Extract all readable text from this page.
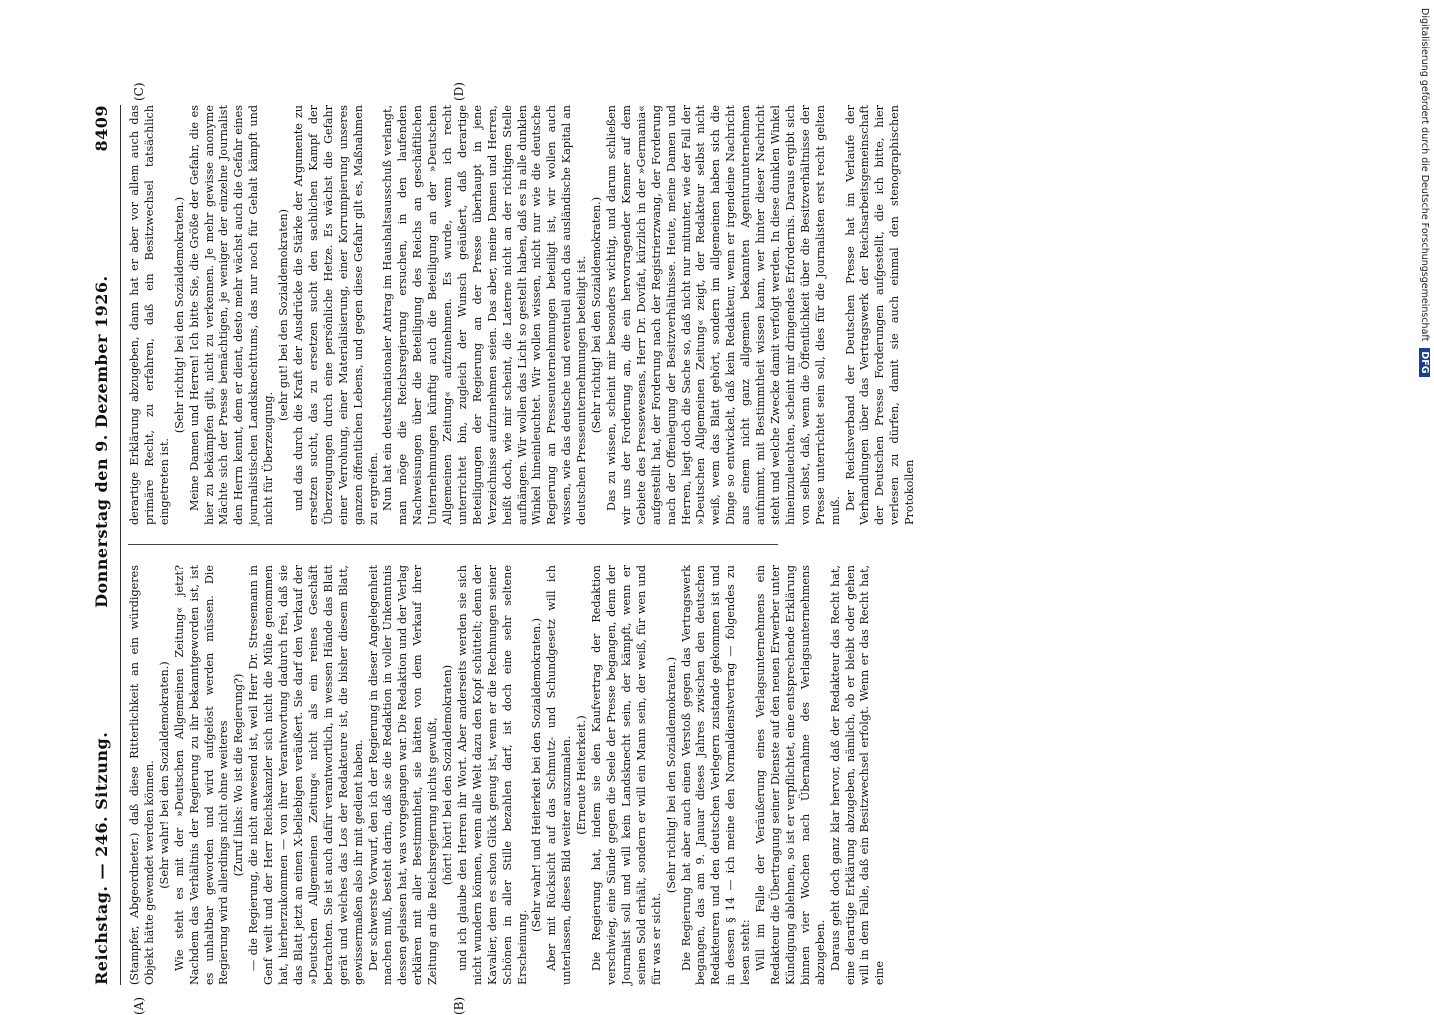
Reichstag. — 246. Sitzung.
Donnerstag den 9. Dezember 1926.
8409

(Stampfer, Abgeordneter.) daß diese Ritterlichkeit an ein würdigeres Objekt hätte gewendet werden können. (Sehr wahr! bei den Sozialdemokraten.) Wie steht es mit der »Deutschen Allgemeinen Zeitung« jetzt? Nachdem das Verhältnis der Regierung zu ihr bekanntgeworden ist, ist es unhaltbar geworden und wird aufgelöst werden müssen. Die Regierung wird allerdings nicht ohne weiteres (Zuruf links: Wo ist die Regierung?) — die Regierung, die nicht anwesend ist, weil Herr Dr. Stresemann in Genf weilt und der Herr Reichskanzler sich nicht die Mühe genommen hat, hierherzukommen — von ihrer Verantwortung dadurch frei, daß sie das Blatt jetzt an einen X-beliebigen veräußert. Sie darf den Verkauf der »Deutschen Allgemeinen Zeitung« nicht als ein reines Geschäft betrachten. Sie ist auch dafür verantwortlich, in wessen Hände das Blatt gerät und welches das Los der Redakteure ist, die bisher diesem Blatt, gewissermaßen also ihr mit gedient haben. Der schwerste Vorwurf, den ich der Regierung in dieser Angelegenheit machen muß, besteht darin, daß sie die Redaktion in voller Unkenntnis dessen gelassen hat, was vorgegangen war. Die Redaktion und der Verlag erklären mit aller Bestimmtheit, sie hätten von dem Verkauf ihrer Zeitung an die Reichsregierung nichts gewußt, (hört! hört! bei den Sozialdemokraten) und ich glaube den Herren ihr Wort. Aber anderseits werden sie sich nicht wundern können, wenn alle Welt dazu den Kopf schüttelt; denn der Kavalier, dem es schon Glück genug ist, wenn er die Rechnungen seiner Schönen in aller Stille bezahlen darf, ist doch eine sehr seltene Erscheinung.

(Sehr wahr! und Heiterkeit bei den Sozialdemokraten.) Aber mit Rücksicht auf das Schmutz- und Schundgesetz will ich unterlassen, dieses Bild weiter auszumalen. (Erneute Heiterkeit.) Die Regierung hat, indem sie den Kaufvertrag der Redaktion verschwieg, eine Sünde gegen die Seele der Presse begangen, denn der Journalist soll und will kein Landsknecht sein, der kämpft, wenn er seinen Sold erhält, sondern er will ein Mann sein, der weiß, für wen und für was er sicht.

(Sehr richtig! bei den Sozialdemokraten.) Die Regierung hat aber auch einen Verstoß gegen das Vertragswerk begangen, das am 9. Januar dieses Jahres zwischen den deutschen Redakteuren und den deutschen Verlegern zustande gekommen ist und in dessen § 14 — ich meine den Normaldienstvertrag — folgendes zu lesen steht: Will im Falle der Veräußerung eines Verlagsunternehmens ein Redakteur die Übertragung seiner Dienste auf den neuen Erwerber unter Kündigung ablehnen, so ist er verpflichtet, eine entsprechende Erklärung binnen vier Wochen nach Übernahme des Verlagsunternehmens abzugeben. Daraus geht doch ganz klar hervor, daß der Redakteur das Recht hat, eine derartige Erklärung abzugeben, nämlich, ob er bleibt oder gehen will in dem Falle, daß ein Besitzwechsel erfolgt. Wenn er das Recht hat, eine

derartige Erklärung abzugeben, dann hat er aber vor allem auch das primäre Recht, zu erfahren, daß ein Besitzwechsel tatsächlich eingetreten ist.

(Sehr richtig! bei den Sozialdemokraten.) Meine Damen und Herren! Ich bitte Sie, die Größe der Gefahr, die es hier zu bekämpfen gilt, nicht zu verkennen. Je mehr gewisse anonyme Mächte sich der Presse bemächtigen, je weniger der einzelne Journalist den Herrn kennt, dem er dient, desto mehr wächst auch die Gefahr eines journalistischen Landsknechttums, das nur noch für Gehalt kämpft und nicht für Überzeugung.

(sehr gut! bei den Sozialdemokraten) und das durch die Kraft der Ausdrücke die Stärke der Argumente zu ersetzen sucht, das zu ersetzen sucht den sachlichen Kampf der Überzeugungen durch eine persönliche Hetze. Es wächst die Gefahr einer Verrohung, einer Materialisierung, einer Korrumpierung unseres ganzen öffentlichen Lebens, und gegen diese Gefahr gilt es, Maßnahmen zu ergreifen. Nun hat ein deutschnationaler Antrag im Haushaltsausschuß verlangt, man möge die Reichsregierung ersuchen, in den laufenden Nachweisungen über die Beteiligung des Reichs an geschäftlichen Unternehmungen künftig auch die Beteiligung an der »Deutschen Allgemeinen Zeitung« aufzunehmen. Es wurde, wenn ich recht unterrichtet bin, zugleich der Wunsch geäußert, daß derartige Beteiligungen der Regierung an der Presse überhaupt in jene Verzeichnisse aufzunehmen seien. Das aber, meine Damen und Herren, heißt doch, wie mir scheint, die Laterne nicht an der richtigen Stelle aufhängen. Wir wollen das Licht so gestellt haben, daß es in alle dunklen Winkel hineinleuchtet. Wir wollen wissen, nicht nur wie die deutsche Regierung an Presseunternehmungen beteiligt ist, wir wollen auch wissen, wie das deutsche und eventuell auch das ausländische Kapital an deutschen Presseunternehmungen beteiligt ist. (Sehr richtig! bei den Sozialdemokraten.) Das zu wissen, scheint mir besonders wichtig, und darum schließen wir uns der Forderung an, die ein hervorragender Kenner auf dem Gebiete des Pressewesens, Herr Dr. Dovifat, kürzlich in der »Germania« aufgestellt hat, der Forderung nach der Registrierzwang, der Forderung nach der Offenlegung der Besitzverhältnisse. Heute, meine Damen und Herren, liegt doch die Sache so, daß nicht nur mitunter, wie der Fall der »Deutschen Allgemeinen Zeitung« zeigt, der Redakteur selbst nicht weiß, wem das Blatt gehört, sondern im allgemeinen haben sich die Dinge so entwickelt, daß kein Redakteur, wenn er irgendeine Nachricht aus einem nicht ganz allgemein bekannten Agenturunternehmen aufnimmt, mit Bestimmtheit wissen kann, wer hinter dieser Nachricht steht und welche Zwecke damit verfolgt werden. In diese dunklen Winkel hineinzuleuchten, scheint mir dringendes Erfordernis. Daraus ergibt sich von selbst, daß, wenn die Öffentlichkeit über die Besitzverhältnisse der Presse unterrichtet sein soll, dies für die Journalisten erst recht gelten muß. Der Reichsverband der Deutschen Presse hat im Verlaufe der Verhandlungen über das Vertragswerk der Reichsarbeitsgemeinschaft der Deutschen Presse Forderungen aufgestellt, die ich bitte, hier verlesen zu dürfen, damit sie auch einmal den stenographischen Protokollen

(A)	(B)
(C)	(D)	Digitalisierung gefördert durch die Deutsche Forschungsgemeinschaft DFG
